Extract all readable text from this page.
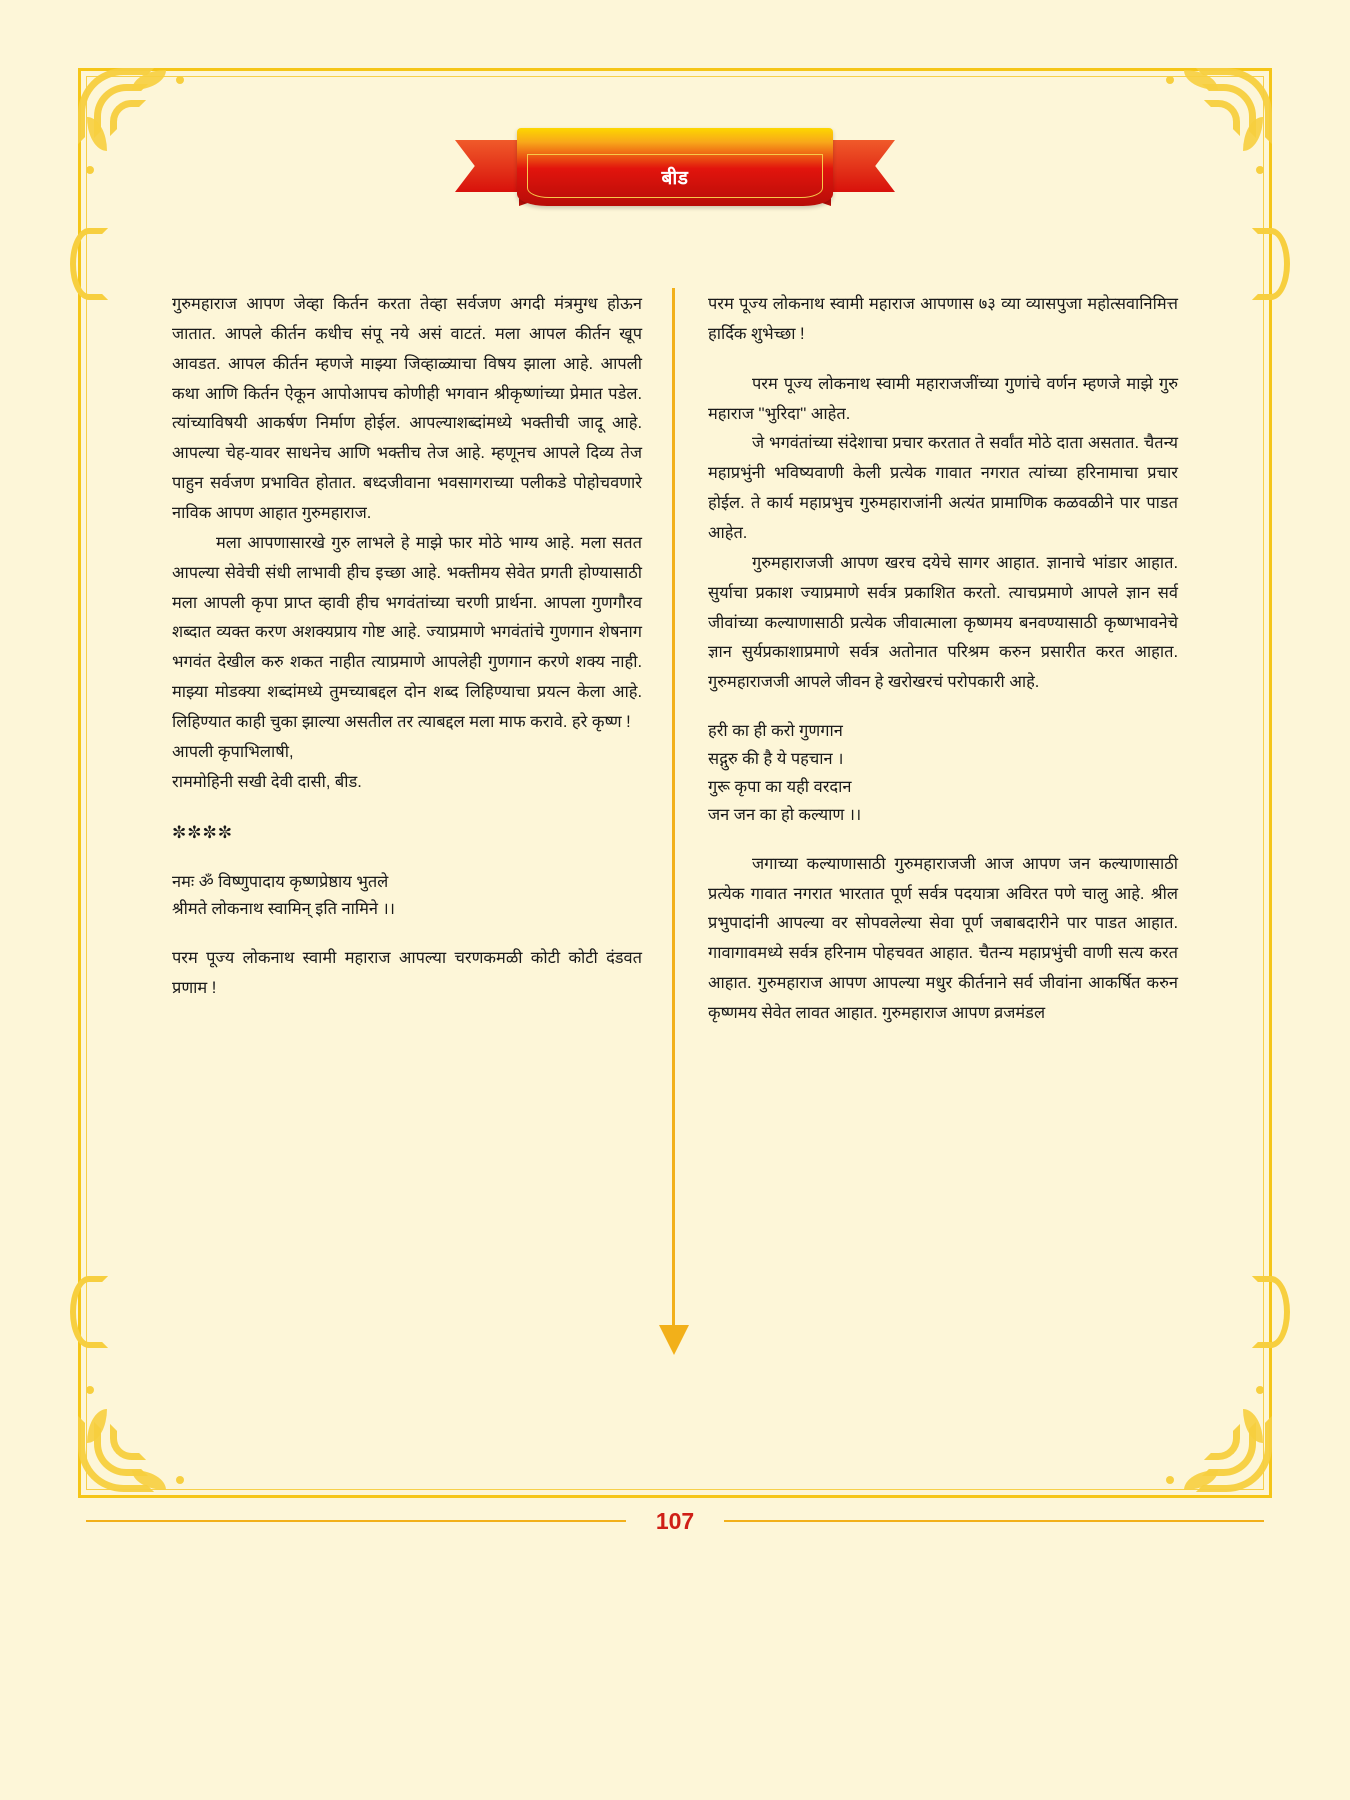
बीड

गुरुमहाराज आपण जेव्हा किर्तन करता तेव्हा सर्वजण अगदी मंत्रमुग्ध होऊन जातात. आपले कीर्तन कधीच संपू नये असं वाटतं. मला आपल कीर्तन खूप आवडत. आपल कीर्तन म्हणजे माझ्या जिव्हाळ्याचा विषय झाला आहे. आपली कथा आणि किर्तन ऐकून आपोआपच कोणीही भगवान श्रीकृष्णांच्या प्रेमात पडेल. त्यांच्याविषयी आकर्षण निर्माण होईल. आपल्याशब्दांमध्ये भक्तीची जादू आहे. आपल्या चेह-यावर साधनेच आणि भक्तीच तेज आहे. म्हणूनच आपले दिव्य तेज पाहुन सर्वजण प्रभावित होतात. बध्दजीवाना भवसागराच्या पलीकडे पोहोचवणारे नाविक आपण आहात गुरुमहाराज.

मला आपणासारखे गुरु लाभले हे माझे फार मोठे भाग्य आहे. मला सतत आपल्या सेवेची संधी लाभावी हीच इच्छा आहे. भक्तीमय सेवेत प्रगती होण्यासाठी मला आपली कृपा प्राप्त व्हावी हीच भगवंतांच्या चरणी प्रार्थना. आपला गुणगौरव शब्दात व्यक्त करण अशक्यप्राय गोष्ट आहे. ज्याप्रमाणे भगवंतांचे गुणगान शेषनाग भगवंत देखील करु शकत नाहीत त्याप्रमाणे आपलेही गुणगान करणे शक्य नाही. माझ्या मोडक्या शब्दांमध्ये तुमच्याबद्दल दोन शब्द लिहिण्याचा प्रयत्न केला आहे. लिहिण्यात काही चुका झाल्या असतील तर त्याबद्दल मला माफ करावे. हरे कृष्ण !

आपली कृपाभिलाषी,

राममोहिनी सखी देवी दासी, बीड.

✼✼✼✼

नमः ॐ विष्णुपादाय कृष्णप्रेष्ठाय भुतले

श्रीमते लोकनाथ स्वामिन् इति नामिने ।।

परम पूज्य लोकनाथ स्वामी महाराज आपल्या चरणकमळी कोटी कोटी दंडवत प्रणाम !

परम पूज्य लोकनाथ स्वामी महाराज आपणास ७३ व्या व्यासपुजा महोत्सवानिमित्त हार्दिक शुभेच्छा !

परम पूज्य लोकनाथ स्वामी महाराजजींच्या गुणांचे वर्णन म्हणजे माझे गुरु महाराज ''भुरिदा'' आहेत.

जे भगवंतांच्या संदेशाचा प्रचार करतात ते सर्वांत मोठे दाता असतात. चैतन्य महाप्रभुंनी भविष्यवाणी केली प्रत्येक गावात नगरात त्यांच्या हरिनामाचा प्रचार होईल. ते कार्य महाप्रभुच गुरुमहाराजांनी अत्यंत प्रामाणिक कळवळीने पार पाडत आहेत.

गुरुमहाराजजी आपण खरच दयेचे सागर आहात. ज्ञानाचे भांडार आहात. सुर्याचा प्रकाश ज्याप्रमाणे सर्वत्र प्रकाशित करतो. त्याचप्रमाणे आपले ज्ञान सर्व जीवांच्या कल्याणासाठी प्रत्येक जीवात्माला कृष्णमय बनवण्यासाठी कृष्णभावनेचे ज्ञान सुर्यप्रकाशाप्रमाणे सर्वत्र अतोनात परिश्रम करुन प्रसारीत करत आहात. गुरुमहाराजजी आपले जीवन हे खरोखरचं परोपकारी आहे.

हरी का ही करो गुणगान

सद्गुरु की है ये पहचान ।

गुरू कृपा का यही वरदान

जन जन का हो कल्याण ।।

जगाच्या कल्याणासाठी गुरुमहाराजजी आज आपण जन कल्याणासाठी प्रत्येक गावात नगरात भारतात पूर्ण सर्वत्र पदयात्रा अविरत पणे चालु आहे. श्रील प्रभुपादांनी आपल्या वर सोपवलेल्या सेवा पूर्ण जबाबदारीने पार पाडत आहात. गावागावमध्ये सर्वत्र हरिनाम पोहचवत आहात. चैतन्य महाप्रभुंची वाणी सत्य करत आहात. गुरुमहाराज आपण आपल्या मधुर कीर्तनाने सर्व जीवांना आकर्षित करुन कृष्णमय सेवेत लावत आहात. गुरुमहाराज आपण व्रजमंडल

107
